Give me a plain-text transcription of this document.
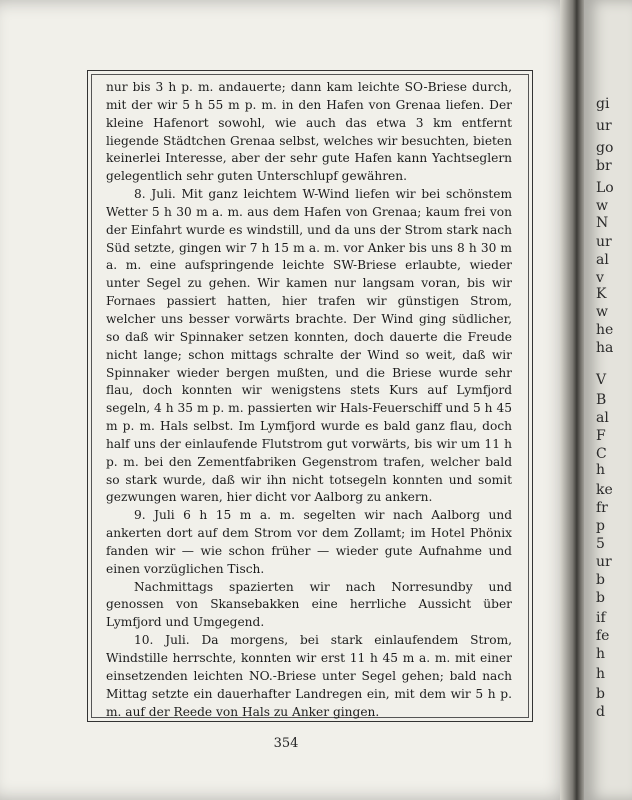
nur bis 3 h p. m. andauerte; dann kam leichte SO-Briese durch, mit der wir 5 h 55 m p. m. in den Hafen von Grenaa liefen. Der kleine Hafenort sowohl, wie auch das etwa 3 km entfernt liegende Städtchen Grenaa selbst, welches wir besuchten, bieten keinerlei Interesse, aber der sehr gute Hafen kann Yachtseglern gelegentlich sehr guten Unterschlupf gewähren.

8. Juli. Mit ganz leichtem W-Wind liefen wir bei schönstem Wetter 5 h 30 m a. m. aus dem Hafen von Grenaa; kaum frei von der Einfahrt wurde es windstill, und da uns der Strom stark nach Süd setzte, gingen wir 7 h 15 m a. m. vor Anker bis uns 8 h 30 m a. m. eine aufspringende leichte SW-Briese erlaubte, wieder unter Segel zu gehen. Wir kamen nur langsam voran, bis wir Fornaes passiert hatten, hier trafen wir günstigen Strom, welcher uns besser vorwärts brachte. Der Wind ging südlicher, so daß wir Spinnaker setzen konnten, doch dauerte die Freude nicht lange; schon mittags schralte der Wind so weit, daß wir Spinnaker wieder bergen mußten, und die Briese wurde sehr flau, doch konnten wir wenigstens stets Kurs auf Lymfjord segeln, 4 h 35 m p. m. passierten wir Hals-Feuerschiff und 5 h 45 m p. m. Hals selbst. Im Lymfjord wurde es bald ganz flau, doch half uns der einlaufende Flutstrom gut vorwärts, bis wir um 11 h p. m. bei den Zementfabriken Gegenstrom trafen, welcher bald so stark wurde, daß wir ihn nicht totsegeln konnten und somit gezwungen waren, hier dicht vor Aalborg zu ankern.

9. Juli 6 h 15 m a. m. segelten wir nach Aalborg und ankerten dort auf dem Strom vor dem Zollamt; im Hotel Phönix fanden wir — wie schon früher — wieder gute Aufnahme und einen vorzüglichen Tisch.

Nachmittags spazierten wir nach Norresundby und genossen von Skansebakken eine herrliche Aussicht über Lymfjord und Umgegend.

10. Juli. Da morgens, bei stark einlaufendem Strom, Windstille herrschte, konnten wir erst 11 h 45 m a. m. mit einer einsetzenden leichten NO.-Briese unter Segel gehen; bald nach Mittag setzte ein dauerhafter Landregen ein, mit dem wir 5 h p. m. auf der Reede von Hals zu Anker gingen.

354
gi
ur
go
br
Lo
w
N
ur
al
v
K
w
he
ha
V
B
al
F
C
h
ke
fr
p
5
ur
b
b
if
fe
h
h
b
d
